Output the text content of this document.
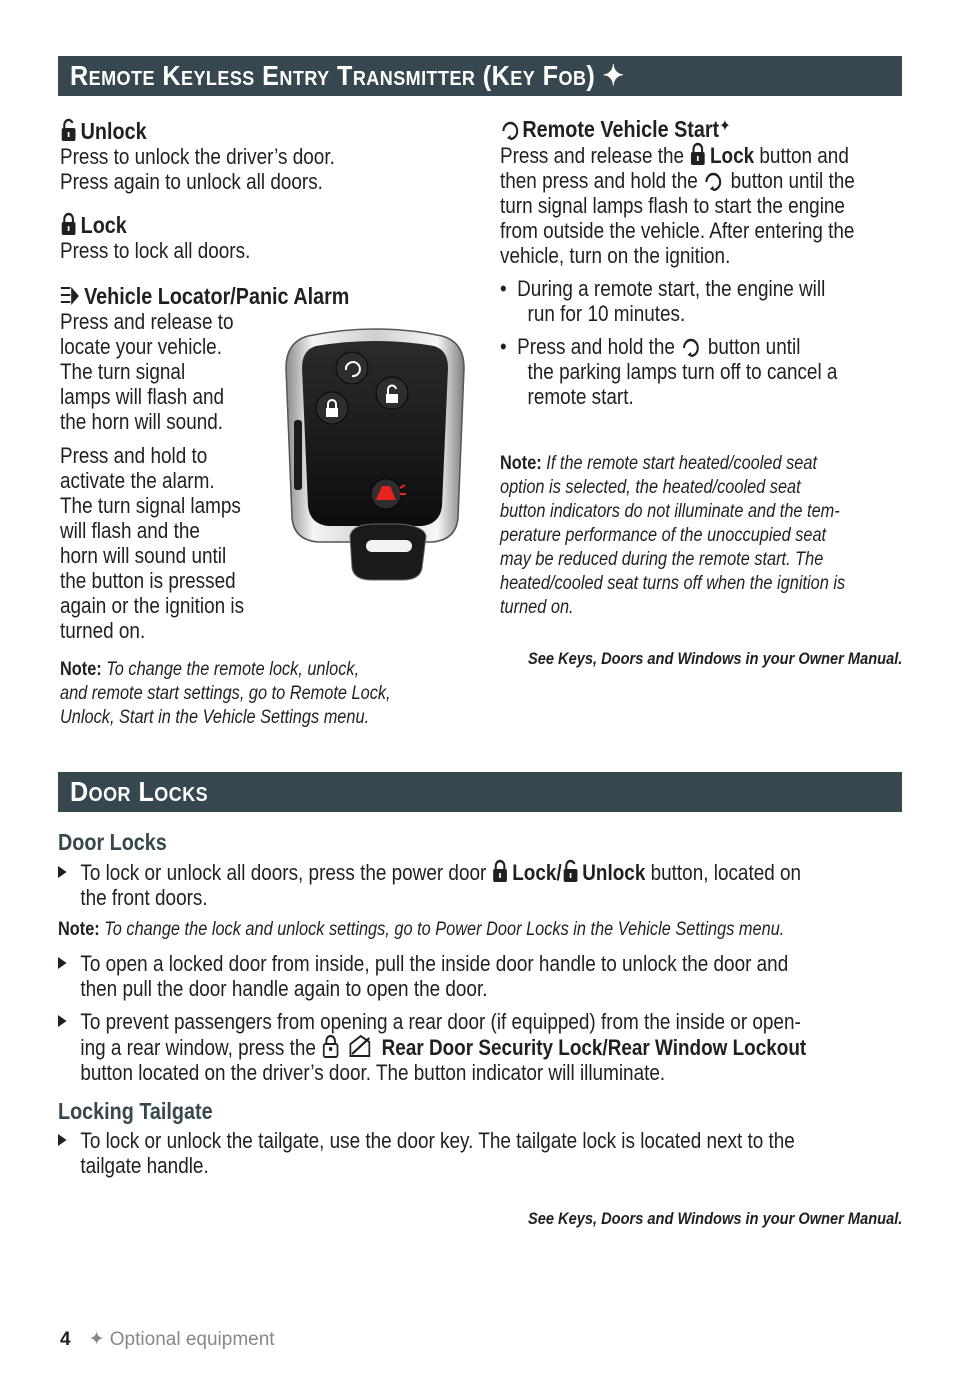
Remote Keyless Entry Transmitter (Key Fob) ✦
Unlock
Press to unlock the driver’s door.
Press again to unlock all doors.
Lock
Press to lock all doors.
Vehicle Locator/Panic Alarm
Press and release to
locate your vehicle.
The turn signal
lamps will flash and
the horn will sound.
Press and hold to
activate the alarm.
The turn signal lamps
will flash and the
horn will sound until
the button is pressed
again or the ignition is
turned on.
Note: To change the remote lock, unlock,
and remote start settings, go to Remote Lock,
Unlock, Start in the Vehicle Settings menu.
Remote Vehicle Start✦
Press and release the Lock button and
then press and hold the button until the
turn signal lamps flash to start the engine
from outside the vehicle. After entering the
vehicle, turn on the ignition.
•  During a remote start, the engine will
run for 10 minutes.
•  Press and hold the button until
the parking lamps turn off to cancel a
remote start.
Note: If the remote start heated/cooled seat
option is selected, the heated/cooled seat
button indicators do not illuminate and the tem-
perature performance of the unoccupied seat
may be reduced during the remote start. The
heated/cooled seat turns off when the ignition is
turned on.
See Keys, Doors and Windows in your Owner Manual.
Door Locks
Door Locks
To lock or unlock all doors, press the power door Lock/ Unlock button, located on
the front doors.
Note: To change the lock and unlock settings, go to Power Door Locks in the Vehicle Settings menu.
To open a locked door from inside, pull the inside door handle to unlock the door and
then pull the door handle again to open the door.
To prevent passengers from opening a rear door (if equipped) from the inside or open-
ing a rear window, press the
	Rear Door Security Lock/Rear Window Lockout
button located on the driver’s door. The button indicator will illuminate.
Locking Tailgate
To lock or unlock the tailgate, use the door key. The tailgate lock is located next to the
tailgate handle.
See Keys, Doors and Windows in your Owner Manual.
4 ✦ Optional equipment
